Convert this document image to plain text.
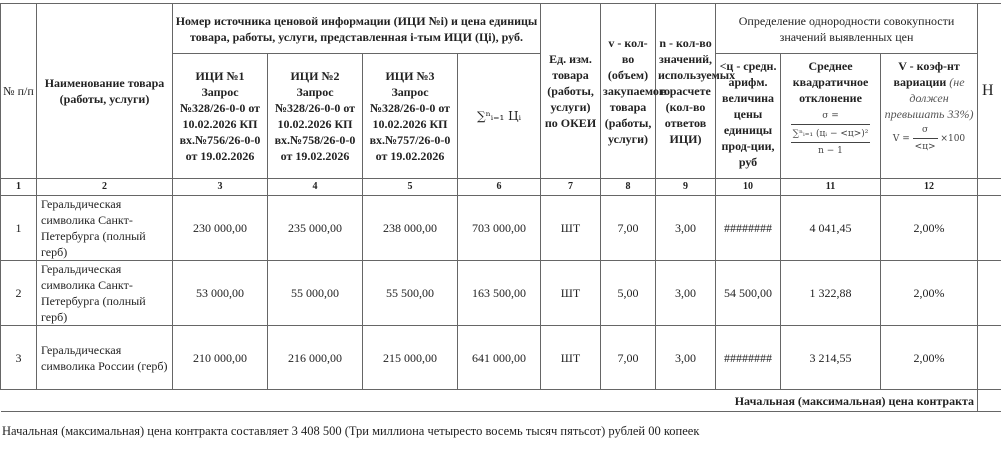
№ п/п	Наименование товара (работы, услуги)	Номер источника ценовой информации (ИЦИ №i) и цена единицы товара, работы, услуги, представленная i-тым ИЦИ (Цi), руб.				Ед. изм. товара (работы, услуги) по ОКЕИ	v - кол-во (объем) закупаемого товара (работы, услуги)	n - кол-во значений, используемых в расчете (кол-во ответов ИЦИ)	Определение однородности совокупности значений выявленных цен			Н
		ИЦИ №1
Запрос
№328/26-0-0 от 10.02.2026 КП вх.№756/26-0-0 от 19.02.2026	ИЦИ №2
Запрос
№328/26-0-0 от 10.02.2026 КП вх.№758/26-0-0 от 19.02.2026	ИЦИ №3
Запрос
№328/26-0-0 от 10.02.2026 КП вх.№757/26-0-0 от 19.02.2026	∑ⁿᵢ₌₁ Цᵢ				<ц - средн. арифм. величина цены единицы прод-ции, руб	Среднее квадратичное отклонение
σ =
$\frac{\text{∑ⁿᵢ₌₁ (цᵢ − <ц>)²}}{n - 1}$	V - коэф-нт вариации (не должен превышать 33%)
$V = \frac{\sigma}{<ц>} \times 100$	
1	2	3	4	5	6	7	8	9	10	11	12	
1	Геральдическая символика Санкт-Петербурга (полный герб)	230 000,00	235 000,00	238 000,00	703 000,00	ШТ	7,00	3,00	########	4 041,45	2,00%	
2	Геральдическая символика Санкт-Петербурга (полный герб)	53 000,00	55 000,00	55 500,00	163 500,00	ШТ	5,00	3,00	54 500,00	1 322,88	2,00%	
3	Геральдическая символика России (герб)	210 000,00	216 000,00	215 000,00	641 000,00	ШТ	7,00	3,00	########	3 214,55	2,00%	
									Начальная (максимальная) цена контракта			
Начальная (максимальная) цена контракта составляет 3 408 500 (Три миллиона четыресто восемь тысяч пятьсот) рублей 00 копеек
